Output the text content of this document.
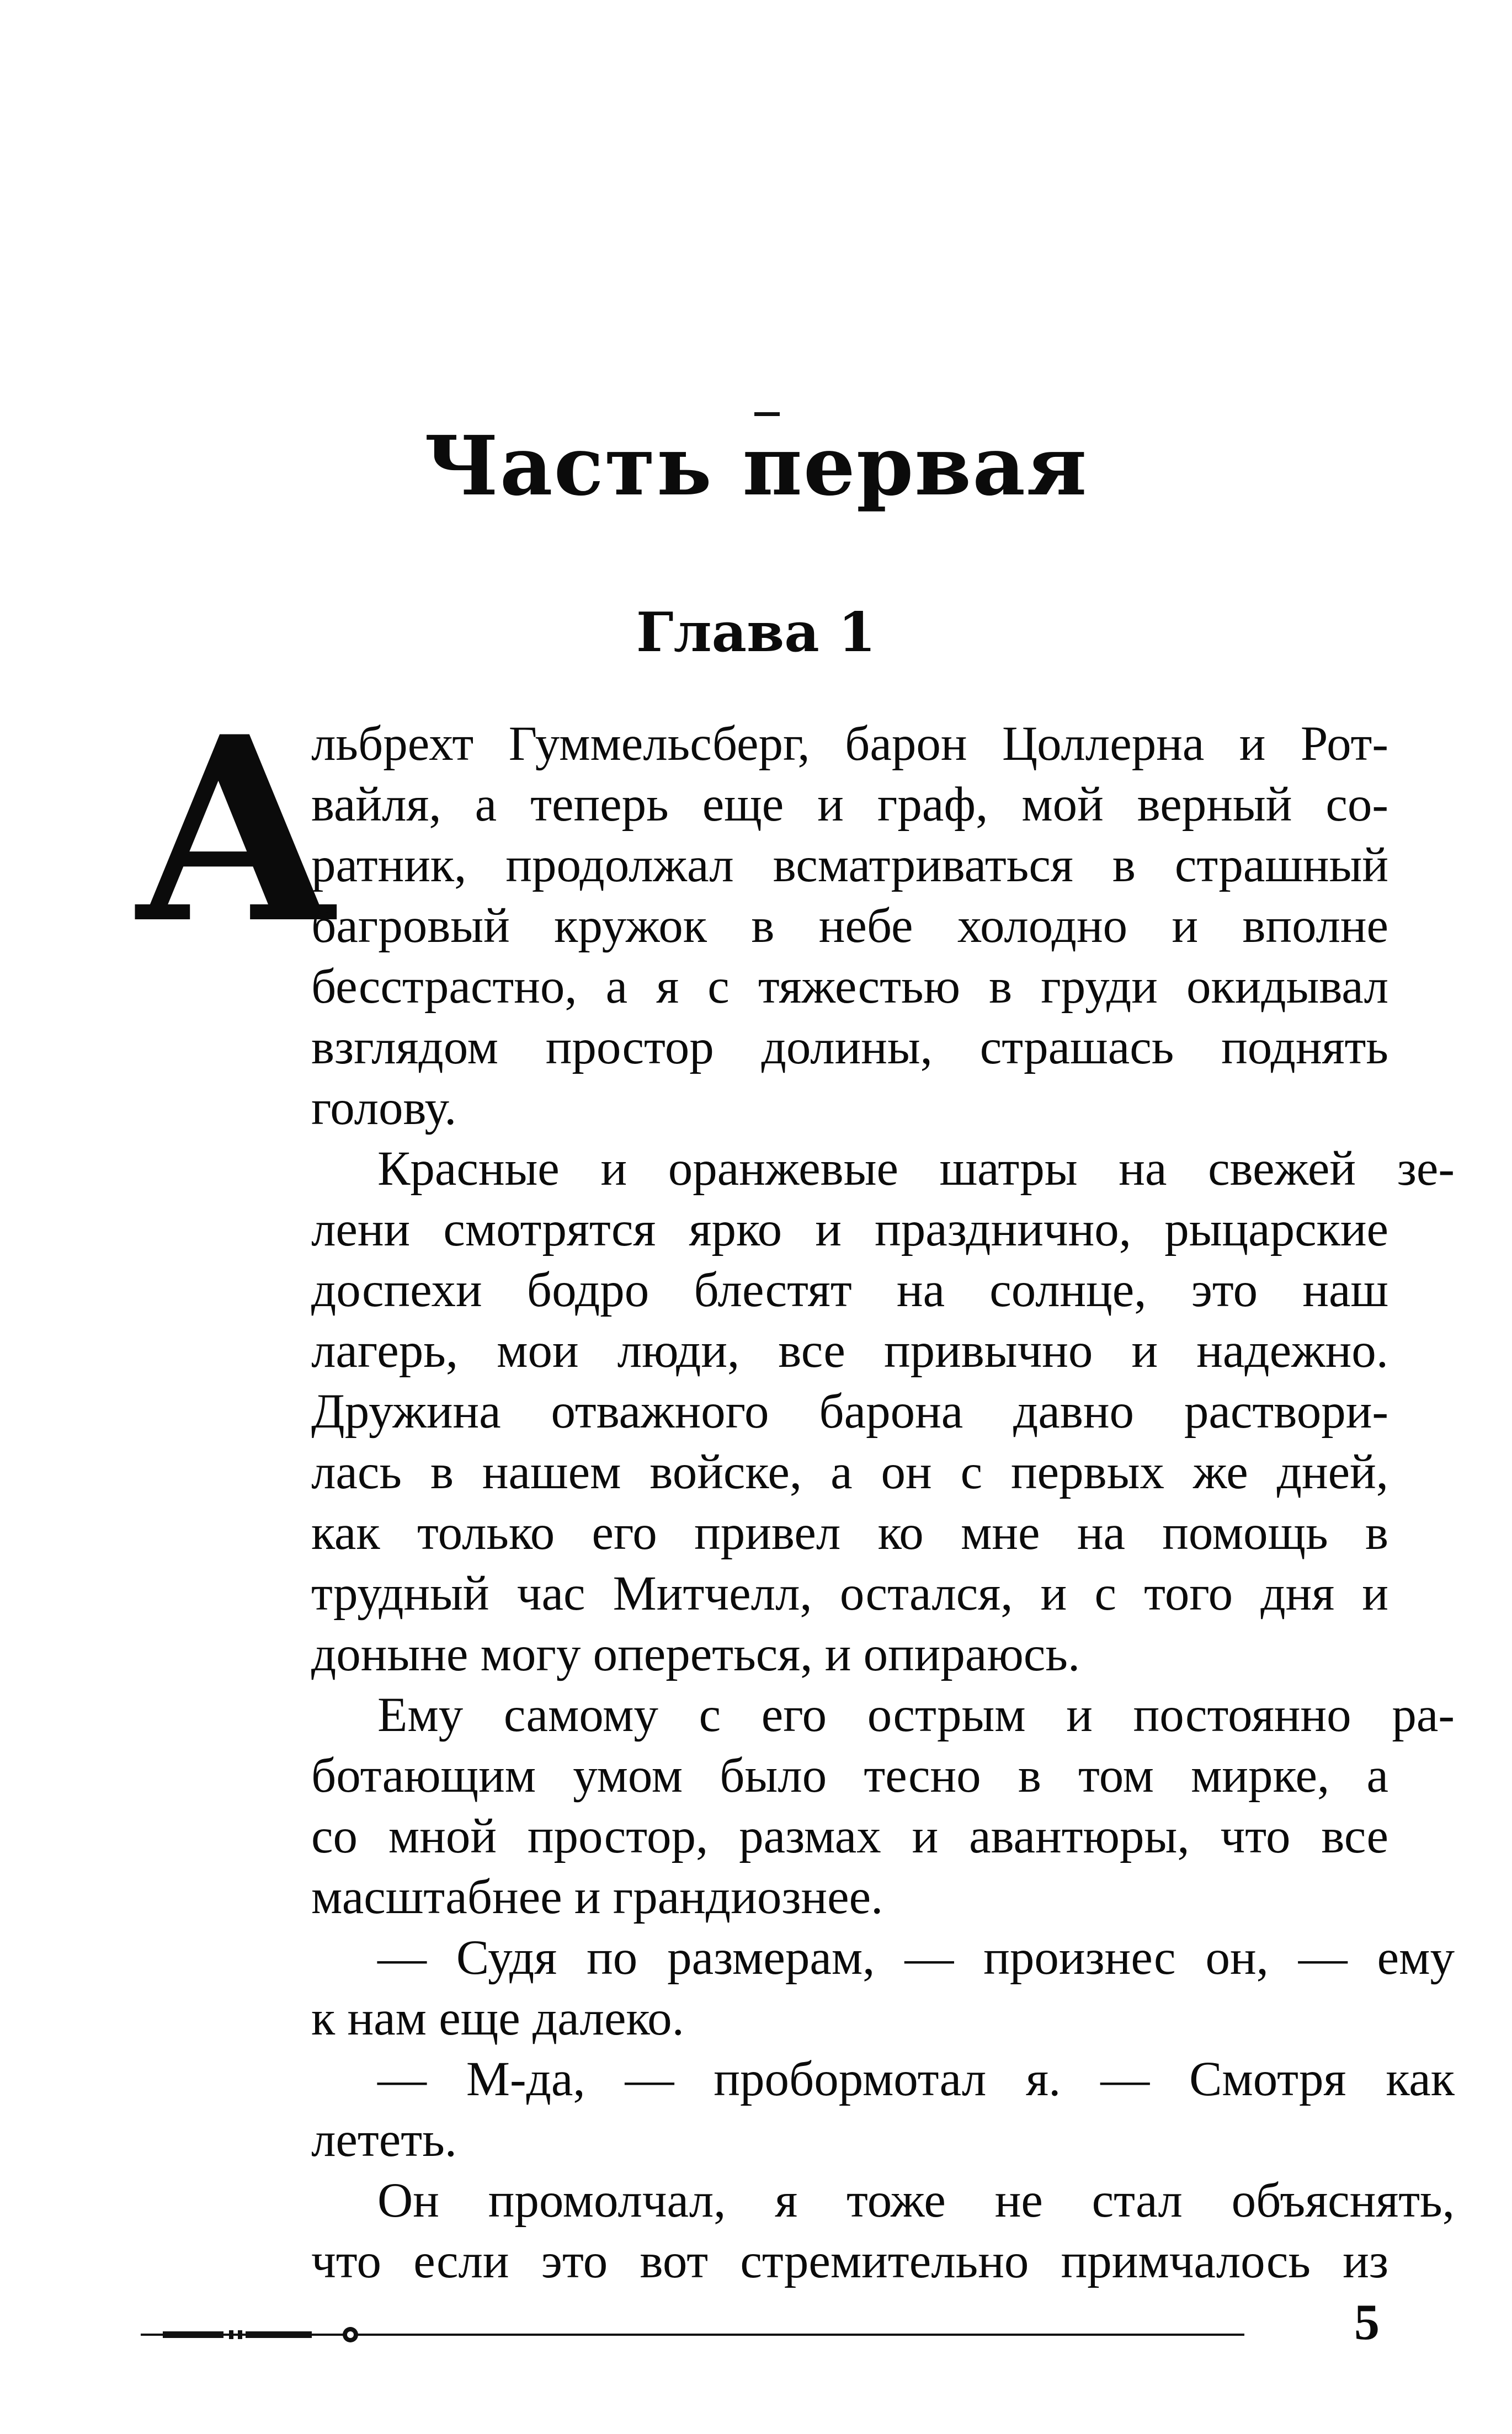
Часть первая
Глава 1
А
льбрехт Гуммельсберг, барон Цоллерна и Рот-
вайля, а теперь еще и граф, мой верный со-
ратник, продолжал всматриваться в страшный
багровый кружок в небе холодно и вполне
бесстрастно, а я с тяжестью в груди окидывал
взглядом простор долины, страшась поднять
голову.
Красные и оранжевые шатры на свежей зе-
лени смотрятся ярко и празднично, рыцарские
доспехи бодро блестят на солнце, это наш
лагерь, мои люди, все привычно и надежно.
Дружина отважного барона давно раствори-
лась в нашем войске, а он с первых же дней,
как только его привел ко мне на помощь в
трудный час Митчелл, остался, и с того дня и
доныне могу опереться, и опираюсь.
Ему самому с его острым и постоянно ра-
ботающим умом было тесно в том мирке, а
со мной простор, размах и авантюры, что все
масштабнее и грандиознее.
— Судя по размерам, — произнес он, — ему
к нам еще далеко.
— М-да, — пробормотал я. — Смотря как
лететь.
Он промолчал, я тоже не стал объяснять,
что если это вот стремительно примчалось из
5
